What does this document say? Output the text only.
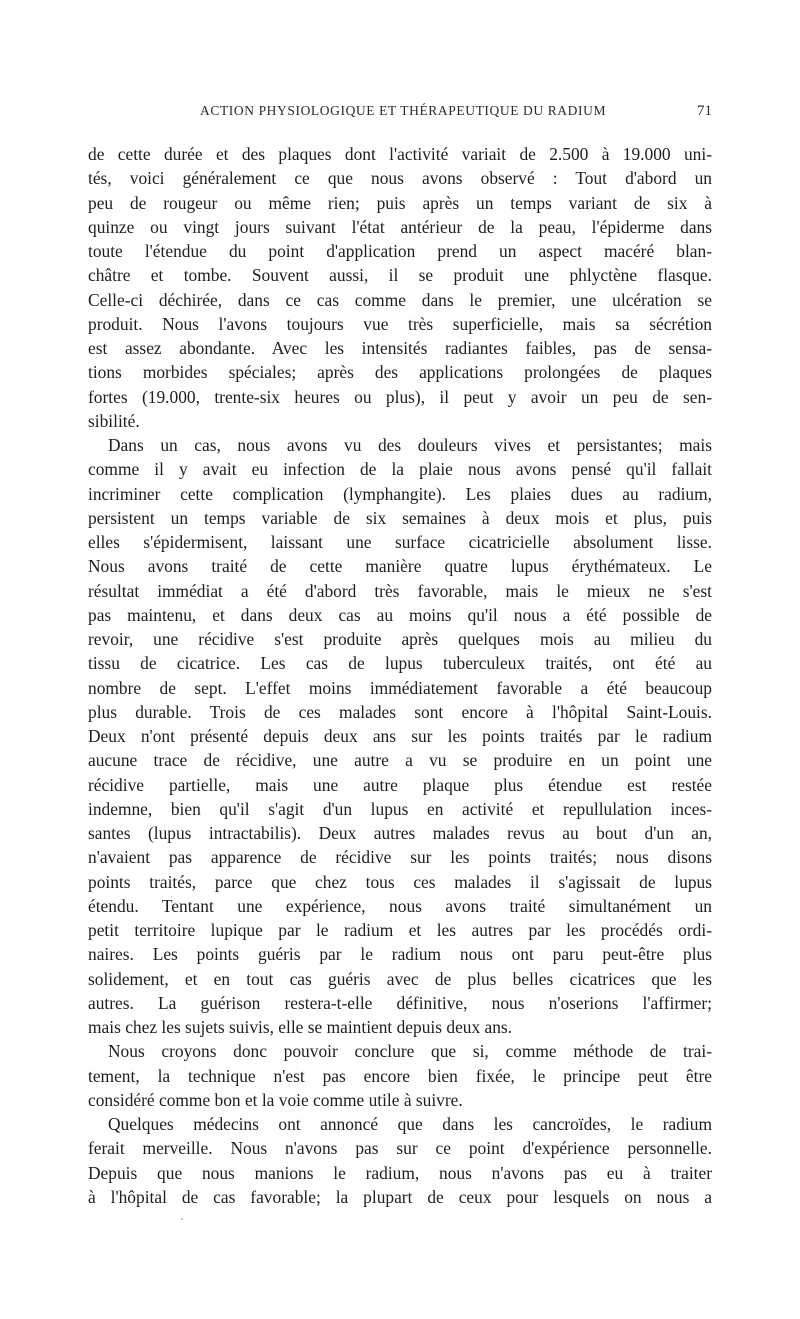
ACTION PHYSIOLOGIQUE ET THÉRAPEUTIQUE DU RADIUM	71

de cette durée et des plaques dont l'activité variait de 2.500 à 19.000 uni-
tés, voici généralement ce que nous avons observé : Tout d'abord un
peu de rougeur ou même rien; puis après un temps variant de six à
quinze ou vingt jours suivant l'état antérieur de la peau, l'épiderme dans
toute l'étendue du point d'application prend un aspect macéré blan-
châtre et tombe. Souvent aussi, il se produit une phlyctène flasque.
Celle-ci déchirée, dans ce cas comme dans le premier, une ulcération se
produit. Nous l'avons toujours vue très superficielle, mais sa sécrétion
est assez abondante. Avec les intensités radiantes faibles, pas de sensa-
tions morbides spéciales; après des applications prolongées de plaques
fortes (19.000, trente-six heures ou plus), il peut y avoir un peu de sen-
sibilité.

Dans un cas, nous avons vu des douleurs vives et persistantes; mais
comme il y avait eu infection de la plaie nous avons pensé qu'il fallait
incriminer cette complication (lymphangite). Les plaies dues au radium,
persistent un temps variable de six semaines à deux mois et plus, puis
elles s'épidermisent, laissant une surface cicatricielle absolument lisse.
Nous avons traité de cette manière quatre lupus érythémateux. Le
résultat immédiat a été d'abord très favorable, mais le mieux ne s'est
pas maintenu, et dans deux cas au moins qu'il nous a été possible de
revoir, une récidive s'est produite après quelques mois au milieu du
tissu de cicatrice. Les cas de lupus tuberculeux traités, ont été au
nombre de sept. L'effet moins immédiatement favorable a été beaucoup
plus durable. Trois de ces malades sont encore à l'hôpital Saint-Louis.
Deux n'ont présenté depuis deux ans sur les points traités par le radium
aucune trace de récidive, une autre a vu se produire en un point une
récidive partielle, mais une autre plaque plus étendue est restée
indemne, bien qu'il s'agit d'un lupus en activité et repullulation inces-
santes (lupus intractabilis). Deux autres malades revus au bout d'un an,
n'avaient pas apparence de récidive sur les points traités; nous disons
points traités, parce que chez tous ces malades il s'agissait de lupus
étendu. Tentant une expérience, nous avons traité simultanément un
petit territoire lupique par le radium et les autres par les procédés ordi-
naires. Les points guéris par le radium nous ont paru peut-être plus
solidement, et en tout cas guéris avec de plus belles cicatrices que les
autres. La guérison restera-t-elle définitive, nous n'oserions l'affirmer;
mais chez les sujets suivis, elle se maintient depuis deux ans.

Nous croyons donc pouvoir conclure que si, comme méthode de trai-
tement, la technique n'est pas encore bien fixée, le principe peut être
considéré comme bon et la voie comme utile à suivre.

Quelques médecins ont annoncé que dans les cancroïdes, le radium
ferait merveille. Nous n'avons pas sur ce point d'expérience personnelle.
Depuis que nous manions le radium, nous n'avons pas eu à traiter
à l'hôpital de cas favorable; la plupart de ceux pour lesquels on nous a
